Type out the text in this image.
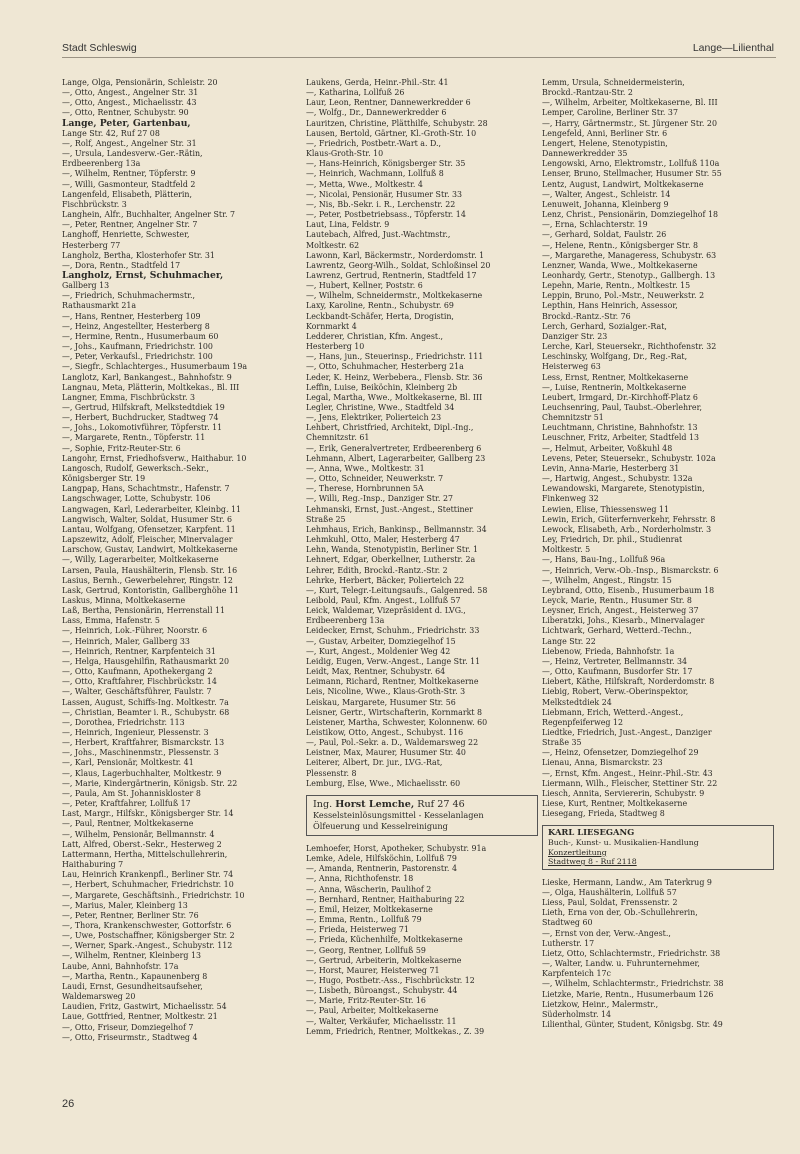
Stadt Schleswig	Lange—Lilienthal
Lange, Olga, Pensionärin, Schleistr. 20
—, Otto, Angest., Angelner Str. 31
—, Otto, Angest., Michaelisstr. 43
—, Otto, Rentner, Schubystr. 90
Lange, Peter, Gartenbau,
Lange Str. 42, Ruf 27 08
—, Rolf, Angest., Angelner Str. 31
—, Ursula, Landesverw.-Ger.-Rätin,
Erdbeerenberg 13a
—, Wilhelm, Rentner, Töpferstr. 9
—, Willi, Gasmonteur, Stadtfeld 2
Langenfeld, Elisabeth, Plätterin,
Fischbrückstr. 3
Langhein, Alfr., Buchhalter, Angelner Str. 7
—, Peter, Rentner, Angelner Str. 7
Langhoff, Henriette, Schwester,
Hesterberg 77
Langholz, Bertha, Klosterhofer Str. 31
—, Dora, Rentn., Stadtfeld 17
Langholz, Ernst, Schuhmacher,
Gallberg 13
—, Friedrich, Schuhmachermstr.,
Rathausmarkt 21a
—, Hans, Rentner, Hesterberg 109
—, Heinz, Angestellter, Hesterberg 8
—, Hermine, Rentn., Husumerbaum 60
—, Johs., Kaufmann, Friedrichstr. 100
—, Peter, Verkaufsl., Friedrichstr. 100
—, Siegfr., Schlachterges., Husumerbaum 19a
Langlotz, Karl, Bankangest., Bahnhofstr. 9
Langnau, Meta, Plätterin, Moltkekas., Bl. III
Langner, Emma, Fischbrückstr. 3
—, Gertrud, Hilfskraft, Melkstedtdiek 19
—, Herbert, Buchdrucker, Stadtweg 74
—, Johs., Lokomotivführer, Töpferstr. 11
—, Margarete, Rentn., Töpferstr. 11
—, Sophie, Fritz-Reuter-Str. 6
Langohr, Ernst, Friedhofsverw., Haithabur. 10
Langosch, Rudolf, Gewerksch.-Sekr.,
Königsberger Str. 19
Langpap, Hans, Schachtmstr., Hafenstr. 7
Langschwager, Lotte, Schubystr. 106
Langwagen, Karl, Lederarbeiter, Kleinbg. 11
Langwisch, Walter, Soldat, Husumer Str. 6
Lantau, Wolfgang, Ofensetzer, Karpfent. 11
Lapszewitz, Adolf, Fleischer, Minervalager
Larschow, Gustav, Landwirt, Moltkekaserne
—, Willy, Lagerarbeiter, Moltkekaserne
Larsen, Paula, Haushälterin, Flensb. Str. 16
Lasius, Bernh., Gewerbelehrer, Ringstr. 12
Lask, Gertrud, Kontoristin, Gallberghöhe 11
Laskus, Minna, Moltkekaserne
Laß, Bertha, Pensionärin, Herrenstall 11
Lass, Emma, Hafenstr. 5
—, Heinrich, Lok.-Führer, Noorstr. 6
—, Heinrich, Maler, Gallberg 33
—, Heinrich, Rentner, Karpfenteich 31
—, Helga, Hausgehilfin, Rathausmarkt 20
—, Otto, Kaufmann, Apothekergang 2
—, Otto, Kraftfahrer, Fischbrückstr. 14
—, Walter, Geschäftsführer, Faulstr. 7
Lassen, August, Schiffs-Ing. Moltkestr. 7a
—, Christian, Beamter i. R., Schubystr. 68
—, Dorothea, Friedrichstr. 113
—, Heinrich, Ingenieur, Plessenstr. 3
—, Herbert, Kraftfahrer, Bismarckstr. 13
—, Johs., Maschinenmstr., Plessenstr. 3
—, Karl, Pensionär, Moltkestr. 41
—, Klaus, Lagerbuchhalter, Moltkestr. 9
—, Marie, Kindergärtnerin, Königsb. Str. 22
—, Paula, Am St. Johanniskloster 8
—, Peter, Kraftfahrer, Lollfuß 17
Last, Margr., Hilfskr., Königsberger Str. 14
—, Paul, Rentner, Moltkekaserne
—, Wilhelm, Pensionär, Bellmannstr. 4
Latt, Alfred, Oberst.-Sekr., Hesterweg 2
Lattermann, Hertha, Mittelschullehrerin,
Haithaburing 7
Lau, Heinrich Krankenpfl., Berliner Str. 74
—, Herbert, Schuhmacher, Friedrichstr. 10
—, Margarete, Geschäftsinh., Friedrichstr. 10
—, Marius, Maler, Kleinberg 13
—, Peter, Rentner, Berliner Str. 76
—, Thora, Krankenschwester, Gottorfstr. 6
—, Uwe, Postschaffner, Königsberger Str. 2
—, Werner, Spark.-Angest., Schubystr. 112
—, Wilhelm, Rentner, Kleinberg 13
Laube, Anni, Bahnhofstr. 17a
—, Martha, Rentn., Kapaunenberg 8
Laudi, Ernst, Gesundheitsaufseher,
Waldemarsweg 20
Laudien, Fritz, Gastwirt, Michaelisstr. 54
Laue, Gottfried, Rentner, Moltkestr. 21
—, Otto, Friseur, Domziegelhof 7
—, Otto, Friseurmstr., Stadtweg 4
Laukens, Gerda, Heinr.-Phil.-Str. 41
—, Katharina, Lollfuß 26
Laur, Leon, Rentner, Dannewerkredder 6
—, Wolfg., Dr., Dannewerkredder 6
Lauritzen, Christine, Plätthilfe, Schubystr. 28
Lausen, Bertold, Gärtner, Kl.-Groth-Str. 10
—, Friedrich, Postbetr.-Wart a. D.,
Klaus-Groth-Str. 10
—, Hans-Heinrich, Königsberger Str. 35
—, Heinrich, Wachmann, Lollfuß 8
—, Metta, Wwe., Moltkestr. 4
—, Nicolai, Pensionär, Husumer Str. 33
—, Nis, Bb.-Sekr. i. R., Lerchenstr. 22
—, Peter, Postbetriebsass., Töpferstr. 14
Laut, Lina, Feldstr. 9
Lautebach, Alfred, Just.-Wachtmstr.,
Moltkestr. 62
Lawonn, Karl, Bäckermstr., Norderdomstr. 1
Lawrentz, Georg-Wilh., Soldat, Schloßinsel 20
Lawrenz, Gertrud, Rentnerin, Stadtfeld 17
—, Hubert, Kellner, Poststr. 6
—, Wilhelm, Schneidermstr., Moltkekaserne
Laxy, Karoline, Rentn., Schubystr. 69
Leckbandt-Schäfer, Herta, Drogistin,
Kornmarkt 4
Ledderer, Christian, Kfm. Angest.,
Hesterberg 10
—, Hans, jun., Steuerinsp., Friedrichstr. 111
—, Otto, Schuhmacher, Hesterberg 21a
Leder, K. Heinz, Werbebera., Flensb. Str. 36
Leffin, Luise, Beiköchin, Kleinberg 2b
Legal, Martha, Wwe., Moltkekaserne, Bl. III
Legler, Christine, Wwe., Stadtfeld 34
—, Jens, Elektriker, Polierteich 23
Lehbert, Christfried, Architekt, Dipl.-Ing.,
Chemnitzstr. 61
—, Erik, Generalvertreter, Erdbeerenberg 6
Lehmann, Albert, Lagerarbeiter, Gallberg 23
—, Anna, Wwe., Moltkestr. 31
—, Otto, Schneider, Neuwerkstr. 7
—, Therese, Hornbrunnen 5A
—, Willi, Reg.-Insp., Danziger Str. 27
Lehmanski, Ernst, Just.-Angest., Stettiner
Straße 25
Lehmhaus, Erich, Bankinsp., Bellmannstr. 34
Lehmkuhl, Otto, Maler, Hesterberg 47
Lehn, Wanda, Stenotypistin, Berliner Str. 1
Lehnert, Edgar, Oberkellner, Lutherstr. 2a
Lehrer, Edith, Brockd.-Rantz.-Str. 2
Lehrke, Herbert, Bäcker, Polierteich 22
—, Kurt, Telegr.-Leitungsaufs., Galgenred. 58
Leibold, Paul, Kfm. Angest., Lollfuß 57
Leick, Waldemar, Vizepräsident d. LVG.,
Erdbeerenberg 13a
Leidecker, Ernst, Schuhm., Friedrichstr. 33
—, Gustav, Arbeiter, Domziegelhof 15
—, Kurt, Angest., Moldenier Weg 42
Leidig, Eugen, Verw.-Angest., Lange Str. 11
Leidt, Max, Rentner, Schubystr. 64
Leimann, Richard, Rentner, Moltkekaserne
Leis, Nicoline, Wwe., Klaus-Groth-Str. 3
Leiskau, Margarete, Husumer Str. 56
Leisner, Gertr., Wirtschafterin, Kornmarkt 8
Leistener, Martha, Schwester, Kolonnenw. 60
Leistikow, Otto, Angest., Schubyst. 116
—, Paul, Pol.-Sekr. a. D., Waldemarsweg 22
Leistner, Max, Maurer, Husumer Str. 40
Leiterer, Albert, Dr. jur., LVG.-Rat,
Plessenstr. 8
Lemburg, Else, Wwe., Michaelisstr. 60
Ing. Horst Lemche, Ruf 27 46
Kesselsteinlösungsmittel - Kesselanlagen
Ölfeuerung und Kesselreinigung
Lemhoefer, Horst, Apotheker, Schubystr. 91a
Lemke, Adele, Hilfsköchin, Lollfuß 79
—, Amanda, Rentnerin, Pastorenstr. 4
—, Anna, Richthofenstr. 18
—, Anna, Wäscherin, Paulihof 2
—, Bernhard, Rentner, Haithaburing 22
—, Emil, Heizer, Moltkekaserne
—, Emma, Rentn., Lollfuß 79
—, Frieda, Heisterweg 71
—, Frieda, Küchenhilfe, Moltkekaserne
—, Georg, Rentner, Lollfuß 59
—, Gertrud, Arbeiterin, Moltkekaserne
—, Horst, Maurer, Heisterweg 71
—, Hugo, Postbetr.-Ass., Fischbrückstr. 12
—, Lisbeth, Büroangst., Schubystr. 44
—, Marie, Fritz-Reuter-Str. 16
—, Paul, Arbeiter, Moltkekaserne
—, Walter, Verkäufer, Michaelisstr. 11
Lemm, Friedrich, Rentner, Moltkekas., Z. 39
Lemm, Ursula, Schneidermeisterin,
Brockd.-Rantzau-Str. 2
—, Wilhelm, Arbeiter, Moltkekaserne, Bl. III
Lemper, Caroline, Berliner Str. 37
—, Harry, Gärtnermstr., St. Jürgener Str. 20
Lengefeld, Anni, Berliner Str. 6
Lengert, Helene, Stenotypistin,
Dannewerkredder 35
Lengowski, Arno, Elektromstr., Lollfuß 110a
Lenser, Bruno, Stellmacher, Husumer Str. 55
Lentz, August, Landwirt, Moltkekaserne
—, Walter, Angest., Schleistr. 14
Lenuweit, Johanna, Kleinberg 9
Lenz, Christ., Pensionärin, Domziegelhof 18
—, Erna, Schlachterstr. 19
—, Gerhard, Soldat, Faulstr. 26
—, Helene, Rentn., Königsberger Str. 8
—, Margarethe, Manageress, Schubystr. 63
Lenzner, Wanda, Wwe., Moltkekaserne
Leonhardy, Gertr., Stenotyp., Gallbergh. 13
Lepehn, Marie, Rentn., Moltkestr. 15
Leppin, Bruno, Pol.-Mstr., Neuwerkstr. 2
Lepthin, Hans Heinrich, Assessor,
Brockd.-Rantz.-Str. 76
Lerch, Gerhard, Sozialger.-Rat,
Danziger Str. 23
Lerche, Karl, Steuersekr., Richthofenstr. 32
Leschinsky, Wolfgang, Dr., Reg.-Rat,
Heisterweg 63
Less, Ernst, Rentner, Moltkekaserne
—, Luise, Rentnerin, Moltkekaserne
Leubert, Irmgard, Dr.-Kirchhoff-Platz 6
Leuchsenring, Paul, Taubst.-Oberlehrer,
Chemnitzstr 51
Leuchtmann, Christine, Bahnhofstr. 13
Leuschner, Fritz, Arbeiter, Stadtfeld 13
—, Helmut, Arbeiter, Voßkuhl 48
Levens, Peter, Steuersekr., Schubystr. 102a
Levin, Anna-Marie, Hesterberg 31
—, Hartwig, Angest., Schubystr. 132a
Lewandowski, Margarete, Stenotypistin,
Finkenweg 32
Lewien, Elise, Thiessensweg 11
Lewin, Erich, Güterfernverkehr, Fehrsstr. 8
Lewock, Elisabeth, Arb., Norderholmstr. 3
Ley, Friedrich, Dr. phil., Studienrat
Moltkestr. 5
—, Hans, Bau-Ing., Lollfuß 96a
—, Heinrich, Verw.-Ob.-Insp., Bismarckstr. 6
—, Wilhelm, Angest., Ringstr. 15
Leybrand, Otto, Eisenb., Husumerbaum 18
Leyck, Marie, Rentn., Husumer Str. 8
Leysner, Erich, Angest., Heisterweg 37
Liberatzki, Johs., Kiesarb., Minervalager
Lichtwark, Gerhard, Wetterd.-Techn.,
Lange Str. 22
Liebenow, Frieda, Bahnhofstr. 1a
—, Heinz, Vertreter, Bellmannstr. 34
—, Otto, Kaufmann, Busdorfer Str. 17
Liebert, Käthe, Hilfskraft, Norderdomstr. 8
Liebig, Robert, Verw.-Oberinspektor,
Melkstedtdiek 24
Liebmann, Erich, Wetterd.-Angest.,
Regenpfeiferweg 12
Liedtke, Friedrich, Just.-Angest., Danziger
Straße 35
—, Heinz, Ofensetzer, Domziegelhof 29
Lienau, Anna, Bismarckstr. 23
—, Ernst, Kfm. Angest., Heinr.-Phil.-Str. 43
Liermann, Wilh., Fleischer, Stettiner Str. 22
Liesch, Annita, Serviererin, Schubystr. 9
Liese, Kurt, Rentner, Moltkekaserne
Liesegang, Frieda, Stadtweg 8
KARL LIESEGANG
Buch-, Kunst- u. Musikalien-Handlung
Konzertleitung
Stadtweg 8 - Ruf 2118
Lieske, Hermann, Landw., Am Taterkrug 9
—, Olga, Haushälterin, Lollfuß 57
Liess, Paul, Soldat, Frenssenstr. 2
Lieth, Erna von der, Ob.-Schullehrerin,
Stadtweg 60
—, Ernst von der, Verw.-Angest.,
Lutherstr. 17
Lietz, Otto, Schlachtermstr., Friedrichstr. 38
—, Walter, Landw. u. Fuhrunternehmer,
Karpfenteich 17c
—, Wilhelm, Schlachtermstr., Friedrichstr. 38
Lietzke, Marie, Rentn., Husumerbaum 126
Lietzkow, Heinr., Malermstr.,
Süderholmstr. 14
Lilienthal, Günter, Student, Königsbg. Str. 49
26
